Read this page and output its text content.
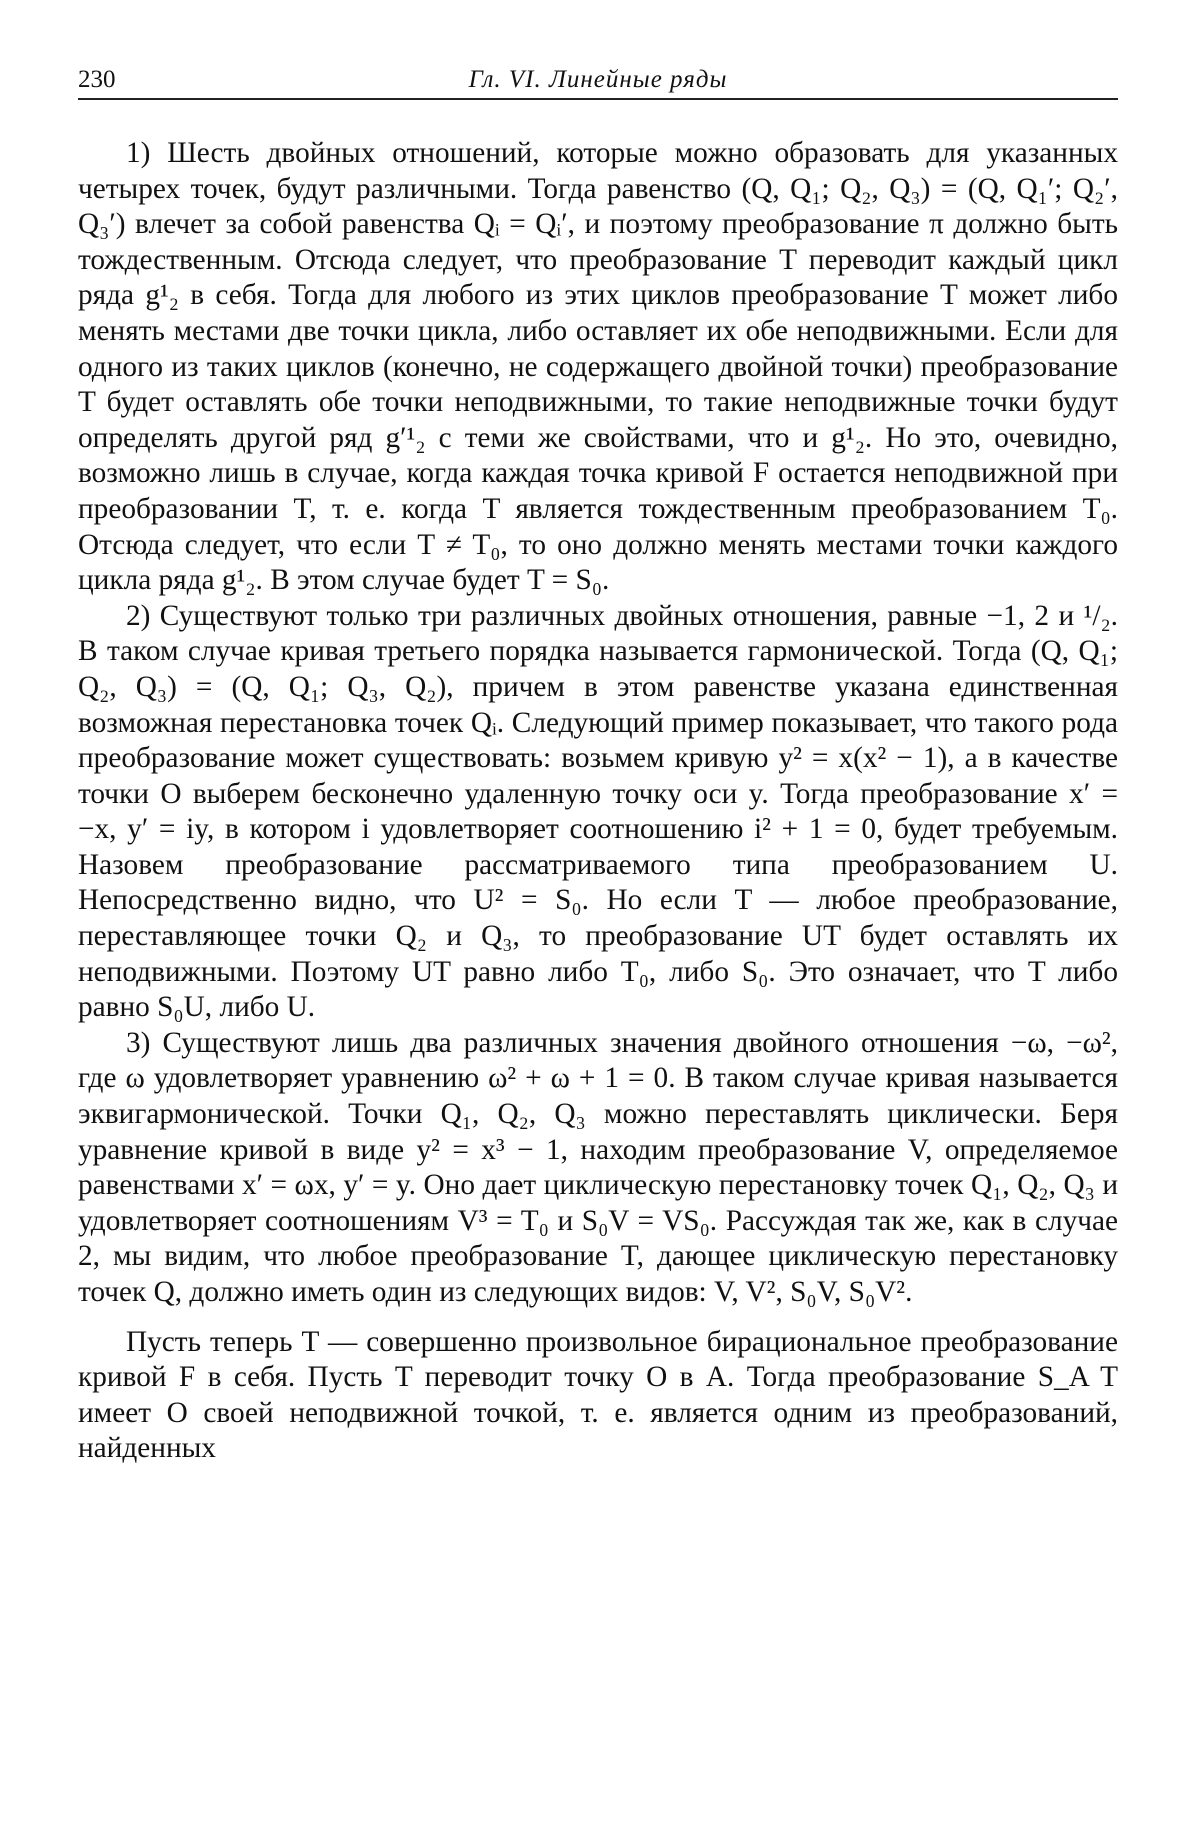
230	Гл. VI. Линейные ряды

1) Шесть двойных отношений, которые можно образовать для указанных четырех точек, будут различными. Тогда равенство (Q, Q₁; Q₂, Q₃) = (Q, Q₁′; Q₂′, Q₃′) влечет за собой равенства Qᵢ = Qᵢ′, и поэтому преобразование π должно быть тождественным. Отсюда следует, что преобразование T переводит каждый цикл ряда g¹₂ в себя. Тогда для любого из этих циклов преобразование T может либо менять местами две точки цикла, либо оставляет их обе неподвижными. Если для одного из таких циклов (конечно, не содержащего двойной точки) преобразование T будет оставлять обе точки неподвижными, то такие неподвижные точки будут определять другой ряд g′¹₂ с теми же свойствами, что и g¹₂. Но это, очевидно, возможно лишь в случае, когда каждая точка кривой F остается неподвижной при преобразовании T, т. е. когда T является тождественным преобразованием T₀. Отсюда следует, что если T ≠ T₀, то оно должно менять местами точки каждого цикла ряда g¹₂. В этом случае будет T = S₀.

2) Существуют только три различных двойных отношения, равные −1, 2 и ¹/₂. В таком случае кривая третьего порядка называется гармонической. Тогда (Q, Q₁; Q₂, Q₃) = (Q, Q₁; Q₃, Q₂), причем в этом равенстве указана единственная возможная перестановка точек Qᵢ. Следующий пример показывает, что такого рода преобразование может существовать: возьмем кривую y² = x(x² − 1), а в качестве точки O выберем бесконечно удаленную точку оси y. Тогда преобразование x′ = −x, y′ = iy, в котором i удовлетворяет соотношению i² + 1 = 0, будет требуемым. Назовем преобразование рассматриваемого типа преобразованием U. Непосредственно видно, что U² = S₀. Но если T — любое преобразование, переставляющее точки Q₂ и Q₃, то преобразование UT будет оставлять их неподвижными. Поэтому UT равно либо T₀, либо S₀. Это означает, что T либо равно S₀U, либо U.

3) Существуют лишь два различных значения двойного отношения −ω, −ω², где ω удовлетворяет уравнению ω² + ω + 1 = 0. В таком случае кривая называется эквигармонической. Точки Q₁, Q₂, Q₃ можно переставлять циклически. Беря уравнение кривой в виде y² = x³ − 1, находим преобразование V, определяемое равенствами x′ = ωx, y′ = y. Оно дает циклическую перестановку точек Q₁, Q₂, Q₃ и удовлетворяет соотношениям V³ = T₀ и S₀V = VS₀. Рассуждая так же, как в случае 2, мы видим, что любое преобразование T, дающее циклическую перестановку точек Q, должно иметь один из следующих видов: V, V², S₀V, S₀V².

Пусть теперь T — совершенно произвольное бирациональное преобразование кривой F в себя. Пусть T переводит точку O в A. Тогда преобразование S_A T имеет O своей неподвижной точкой, т. е. является одним из преобразований, найденных
